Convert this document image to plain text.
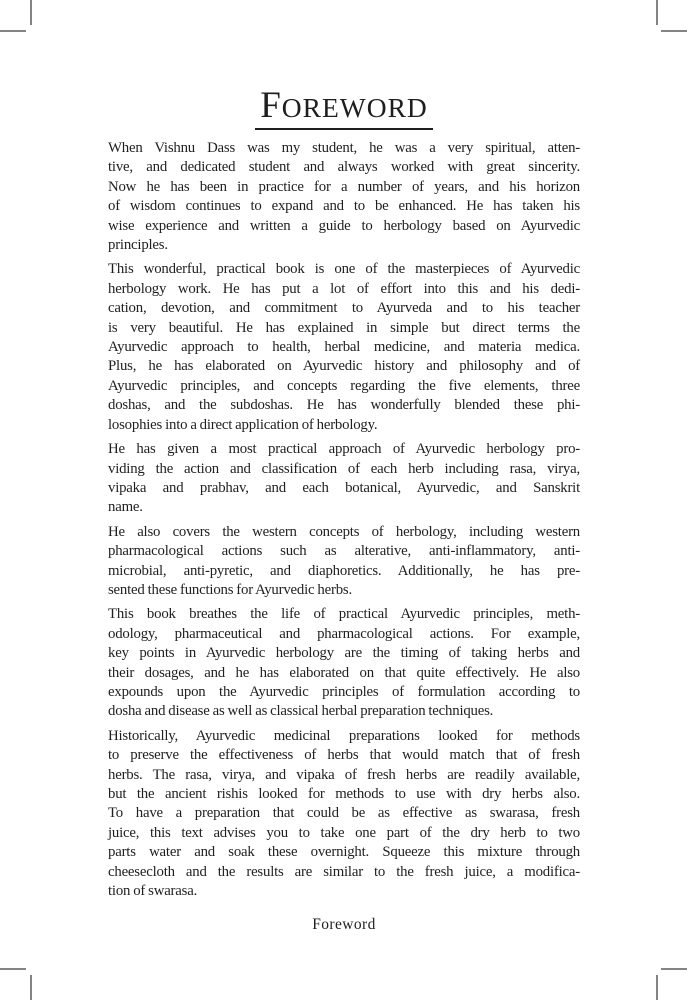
FOREWORD
When Vishnu Dass was my student, he was a very spiritual, atten-
tive, and dedicated student and always worked with great sincerity.
Now he has been in practice for a number of years, and his horizon
of wisdom continues to expand and to be enhanced. He has taken his
wise experience and written a guide to herbology based on Ayurvedic
principles.
This wonderful, practical book is one of the masterpieces of Ayurvedic
herbology work. He has put a lot of effort into this and his dedi-
cation, devotion, and commitment to Ayurveda and to his teacher
is very beautiful. He has explained in simple but direct terms the
Ayurvedic approach to health, herbal medicine, and materia medica.
Plus, he has elaborated on Ayurvedic history and philosophy and of
Ayurvedic principles, and concepts regarding the five elements, three
doshas, and the subdoshas. He has wonderfully blended these phi-
losophies into a direct application of herbology.
He has given a most practical approach of Ayurvedic herbology pro-
viding the action and classification of each herb including rasa, virya,
vipaka and prabhav, and each botanical, Ayurvedic, and Sanskrit
name.
He also covers the western concepts of herbology, including western
pharmacological actions such as alterative, anti-inflammatory, anti-
microbial, anti-pyretic, and diaphoretics. Additionally, he has pre-
sented these functions for Ayurvedic herbs.
This book breathes the life of practical Ayurvedic principles, meth-
odology, pharmaceutical and pharmacological actions. For example,
key points in Ayurvedic herbology are the timing of taking herbs and
their dosages, and he has elaborated on that quite effectively. He also
expounds upon the Ayurvedic principles of formulation according to
dosha and disease as well as classical herbal preparation techniques.
Historically, Ayurvedic medicinal preparations looked for methods
to preserve the effectiveness of herbs that would match that of fresh
herbs. The rasa, virya, and vipaka of fresh herbs are readily available,
but the ancient rishis looked for methods to use with dry herbs also.
To have a preparation that could be as effective as swarasa, fresh
juice, this text advises you to take one part of the dry herb to two
parts water and soak these overnight. Squeeze this mixture through
cheesecloth and the results are similar to the fresh juice, a modifica-
tion of swarasa.
Foreword
